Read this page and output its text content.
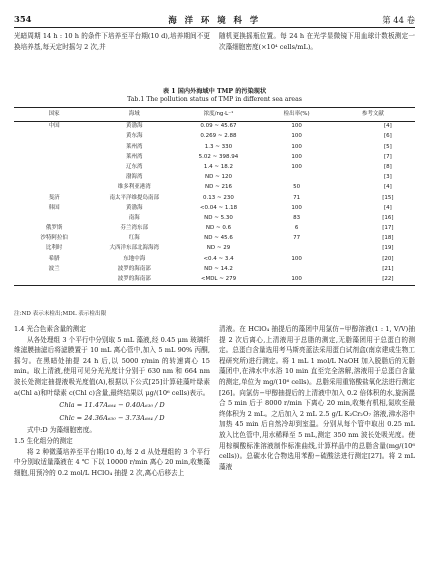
354	海 洋 环 境 科 学	第 44 卷

光暗周期 14 h : 10 h 的条件下培养至平台期(10 d),培养期间不更换培养基,每天定时摇匀 2 次,并

随机更换摇瓶位置。每 24 h 在光学显微镜下用血球计数板测定一次藻细胞密度(×10⁴ cells/mL)。

表 1 国内外海域中 TMP 的污染现状
Tab.1 The pollution status of TMP in different sea areas
国家	海域	浓度/ng·L⁻¹	检出率(%)	参考文献
中国	黄渤海	0.09 ~ 45.67	100	[4]
	黄东海	0.269 ~ 2.88	100	[6]
	莱州湾	1.3 ~ 330	100	[5]
	莱州湾	5.02 ~ 398.94	100	[7]
	辽东湾	1.4 ~ 18.2	100	[8]
	渤海湾	ND ~ 120		[3]
	维多利亚港湾	ND ~ 216	50	[4]
斐济	南太平洋维提岛南部	0.13 ~ 230	71	[15]
韩国	黄渤海	<0.04 ~ 1.18	100	[4]
	南海	ND ~ 5.30	83	[16]
俄罗斯	芬兰湾东部	ND ~ 0.6	6	[17]
沙特阿拉伯	红海	ND ~ 45.6	77	[18]
比利时	大西洋东部北海海湾	ND ~ 29		[19]
希腊	东地中海	<0.4 ~ 3.4	100	[20]
波兰	波罗的海南部	ND ~ 14.2		[21]
	波罗的海南部	<MDL ~ 279	100	[22]
注:ND 表示未检出;MDL 表示检出限

1.4 光合色素含量的测定

从各处理组 3 个平行中分别取 5 mL 藻液,经 0.45 μm 玻璃纤维滤膜抽滤后将滤膜置于 10 mL 离心管中,加入 5 mL 90% 丙酮,摇匀。在黑暗处抽提 24 h 后,以 5000 r/min 的转速离心 15 min。取上清液,使用可见分光光度计分别于 630 nm 和 664 nm 波长处测定抽提液吸光度值(A),根据以下公式[25]计算硅藻叶绿素 a(Chl a)和叶绿素 c(Chl c)含量,最终结果以 μg/(10⁶ cells)表示。

Chla = 11.47A₆₆₄ − 0.40A₆₃₀ / D

Chlc = 24.36A₆₃₀ − 3.73A₆₆₄ / D

式中:D 为藻细胞密度。

1.5 生化组分的测定

将 2 种微藻培养至平台期(10 d),每 2 d 从处理组的 3 个平行中分别取适量藻液在 4 ℃ 下以 10000 r/min 离心 20 min,收集藻细胞,用预冷的 0.2 mol/L HClO₄ 抽提 2 次,离心后移去上

清液。在 HClO₄ 抽提后的藻团中用氯仿−甲醇溶液(1 : 1, V/V)抽提 2 次后离心,上清液用于总脂的测定,无脂藻团用于总蛋白的测定。总蛋白含量选用考马斯亮蓝法采用蛋白试剂盒(南京建成生物工程研究所)进行测定。将 1 mL 1 mol/L NaOH 加入脱脂后的无脂藻团中,在沸水中水浴 10 min 直至完全溶解,溶液用于总蛋白含量的测定,单位为 mg/(10⁶ cells)。总脂采用重铬酸盐氧化法进行测定[26]。向氯仿−甲醇抽提后的上清液中加入 0.2 倍体积的水,旋涡混合 5 min 后于 8000 r/min 下离心 20 min,收集有机相,氮吹至最终体积为 2 mL。之后加入 2 mL 2.5 g/L K₂Cr₂O₇ 溶液,沸水浴中加热 45 min 后自然冷却到室温。分别从每个管中取出 0.25 mL 放入比色管中,用水稀释至 5 mL,测定 350 nm 波长处吸光度。使用棕榈酸标准溶液制作标准曲线,计算样品中的总脂含量(mg/(10⁶ cells))。总碳水化合物选用苯酚−硫酸法进行测定[27]。将 2 mL 藻液
